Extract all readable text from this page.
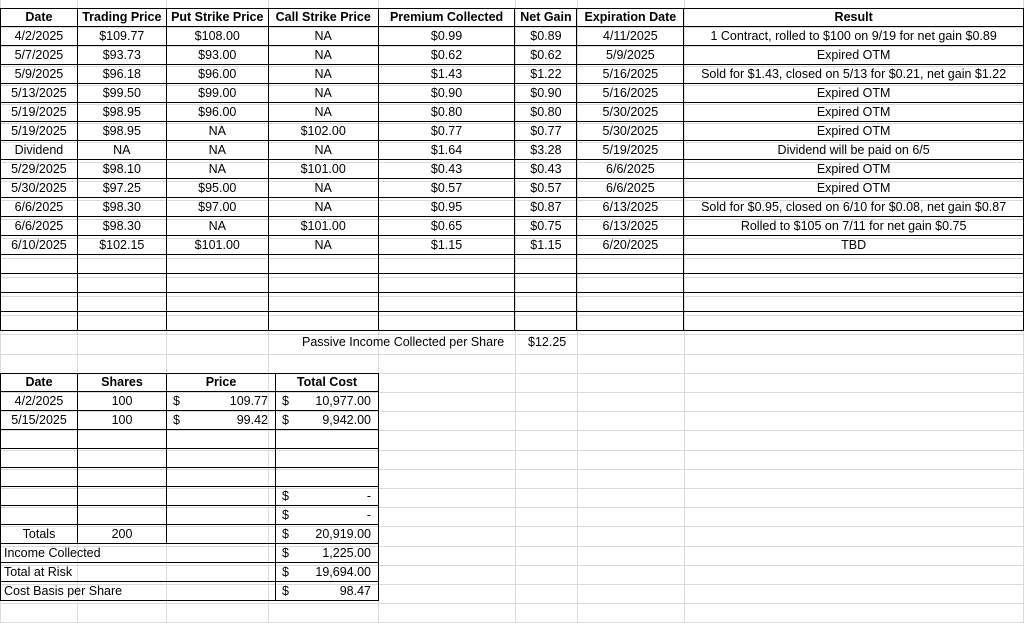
Date	Trading Price	Put Strike Price	Call Strike Price	Premium Collected	Net Gain	Expiration Date	Result
4/2/2025	$109.77	$108.00	NA	$0.99	$0.89	4/11/2025	1 Contract, rolled to $100 on 9/19 for net gain $0.89
5/7/2025	$93.73	$93.00	NA	$0.62	$0.62	5/9/2025	Expired OTM
5/9/2025	$96.18	$96.00	NA	$1.43	$1.22	5/16/2025	Sold for $1.43, closed on 5/13 for $0.21, net gain $1.22
5/13/2025	$99.50	$99.00	NA	$0.90	$0.90	5/16/2025	Expired OTM
5/19/2025	$98.95	$96.00	NA	$0.80	$0.80	5/30/2025	Expired OTM
5/19/2025	$98.95	NA	$102.00	$0.77	$0.77	5/30/2025	Expired OTM
Dividend	NA	NA	NA	$1.64	$3.28	5/19/2025	Dividend will be paid on 6/5
5/29/2025	$98.10	NA	$101.00	$0.43	$0.43	6/6/2025	Expired OTM
5/30/2025	$97.25	$95.00	NA	$0.57	$0.57	6/6/2025	Expired OTM
6/6/2025	$98.30	$97.00	NA	$0.95	$0.87	6/13/2025	Sold for $0.95, closed on 6/10 for $0.08, net gain $0.87
6/6/2025	$98.30	NA	$101.00	$0.65	$0.75	6/13/2025	Rolled to $105 on 7/11 for net gain $0.75
6/10/2025	$102.15	$101.00	NA	$1.15	$1.15	6/20/2025	TBD

Passive Income Collected per Share $12.25
Date	Shares	Price	Total Cost
4/2/2025	100	$ 109.77	$ 10,977.00

5/15/2025	100	$ 99.42	$ 9,942.00

			$ -

			$ -

Totals	200		$ 20,919.00

Income Collected			$ 1,225.00

Total at Risk			$ 19,694.00

Cost Basis per Share			$ 98.47
